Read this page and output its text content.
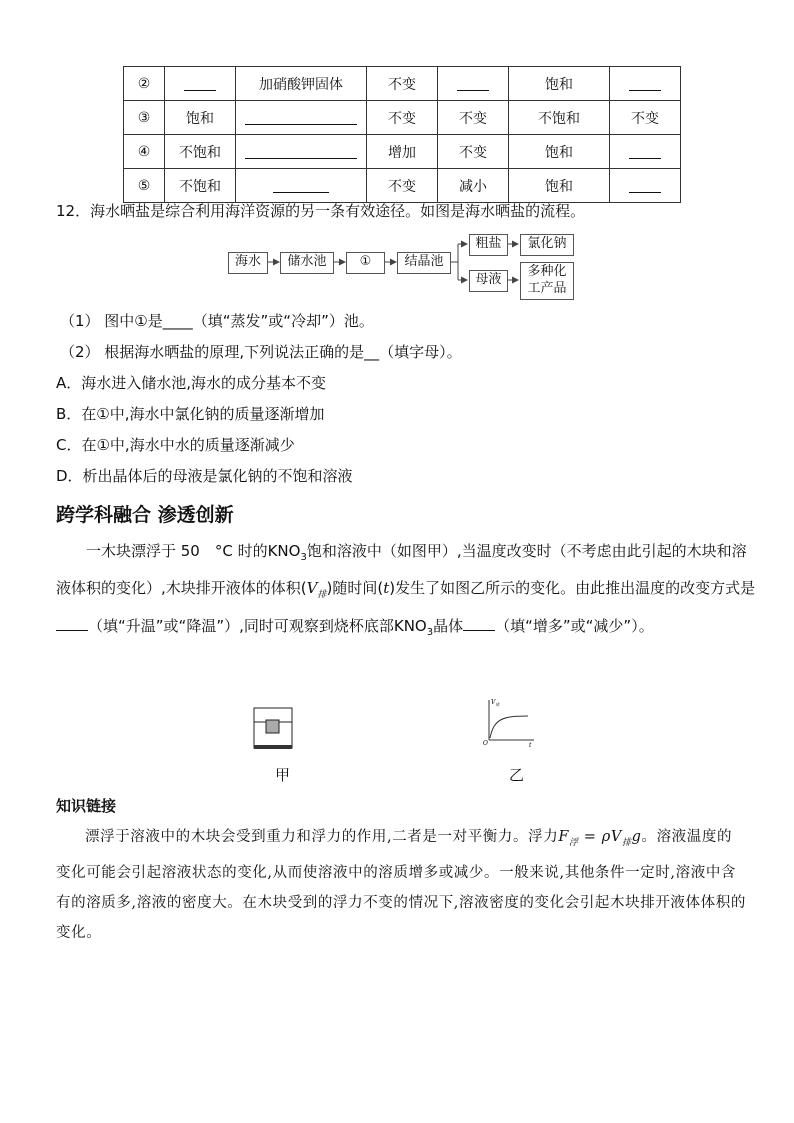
②		加硝酸钾固体	不变		饱和	
③	饱和		不变	不变	不饱和	不变
④	不饱和		增加	不变	饱和	
⑤	不饱和		不变	减小	饱和	
12．海水晒盐是综合利用海洋资源的另一条有效途径。如图是海水晒盐的流程。
海水	储水池	①	结晶池
粗盐	氯化钠
母液
多种化
工产品
（1） 图中①是____（填“蒸发”或“冷却”）池。
（2） 根据海水晒盐的原理,下列说法正确的是__（填字母）。
A．海水进入储水池,海水的成分基本不变
B．在①中,海水中氯化钠的质量逐渐增加
C．在①中,海水中水的质量逐渐减少
D．析出晶体后的母液是氯化钠的不饱和溶液
跨学科融合 渗透创新

一木块漂浮于 50　°C 时的$KNO_3$饱和溶液中（如图甲）,当温度改变时（不考虑由此引起的木块和溶液体积的变化）,木块排开液体的体积$(V_排)$随时间(t)发生了如图乙所示的变化。由此推出温度的改变方式是（填“升温”或“降温”）,同时可观察到烧杯底部$KNO_3$晶体 （填“增多”或“减少”）。

甲
$V_排$
O	t
乙
知识链接

漂浮于溶液中的木块会受到重力和浮力的作用,二者是一对平衡力。浮力$F_浮 = \rho V_排g$。溶液温度的变化可能会引起溶液状态的变化,从而使溶液中的溶质增多或减少。一般来说,其他条件一定时,溶液中含有的溶质多,溶液的密度大。在木块受到的浮力不变的情况下,溶液密度的变化会引起木块排开液体体积的变化。
